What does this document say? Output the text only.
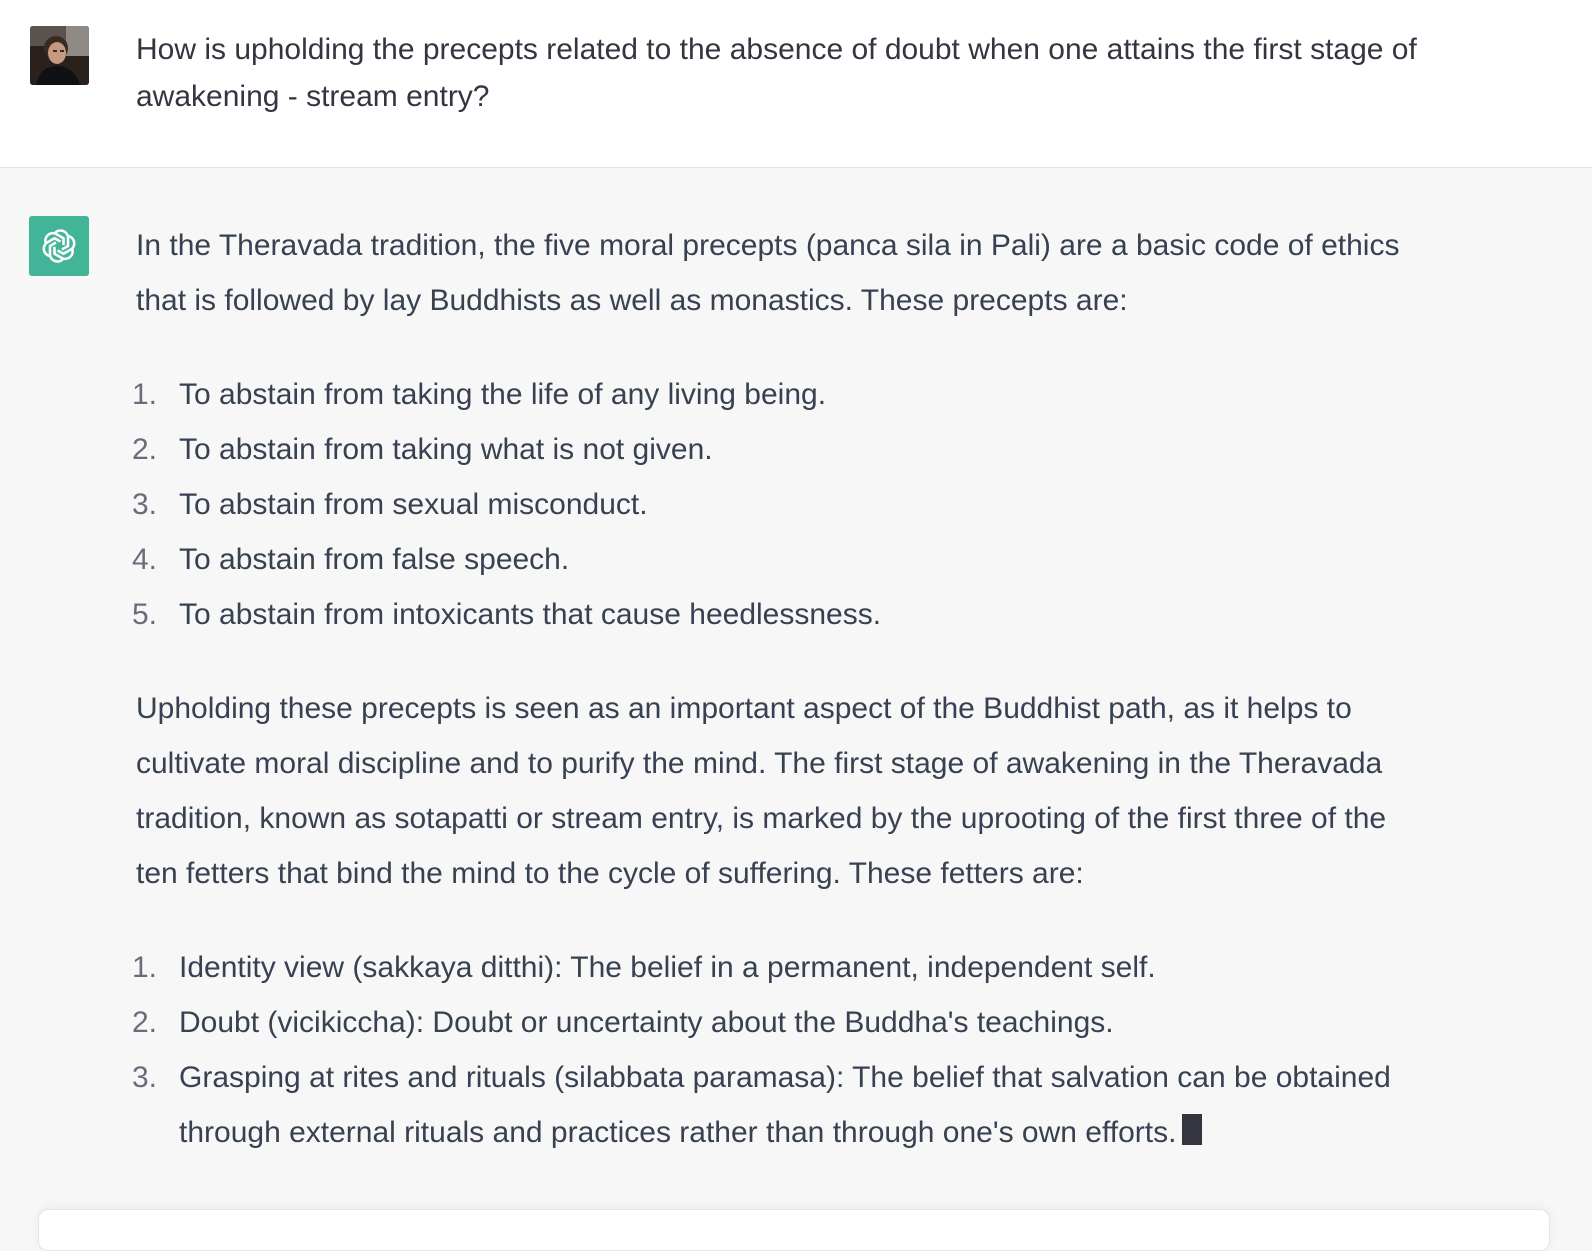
How is upholding the precepts related to the absence of doubt when one attains the first stage of awakening - stream entry?

In the Theravada tradition, the five moral precepts (panca sila in Pali) are a basic code of ethics that is followed by lay Buddhists as well as monastics. These precepts are:

1. To abstain from taking the life of any living being.
2. To abstain from taking what is not given.
3. To abstain from sexual misconduct.
4. To abstain from false speech.
5. To abstain from intoxicants that cause heedlessness.

Upholding these precepts is seen as an important aspect of the Buddhist path, as it helps to cultivate moral discipline and to purify the mind. The first stage of awakening in the Theravada tradition, known as sotapatti or stream entry, is marked by the uprooting of the first three of the ten fetters that bind the mind to the cycle of suffering. These fetters are:

1. Identity view (sakkaya ditthi): The belief in a permanent, independent self.
2. Doubt (vicikiccha): Doubt or uncertainty about the Buddha's teachings.
3. Grasping at rites and rituals (silabbata paramasa): The belief that salvation can be obtained through external rituals and practices rather than through one's own efforts.
